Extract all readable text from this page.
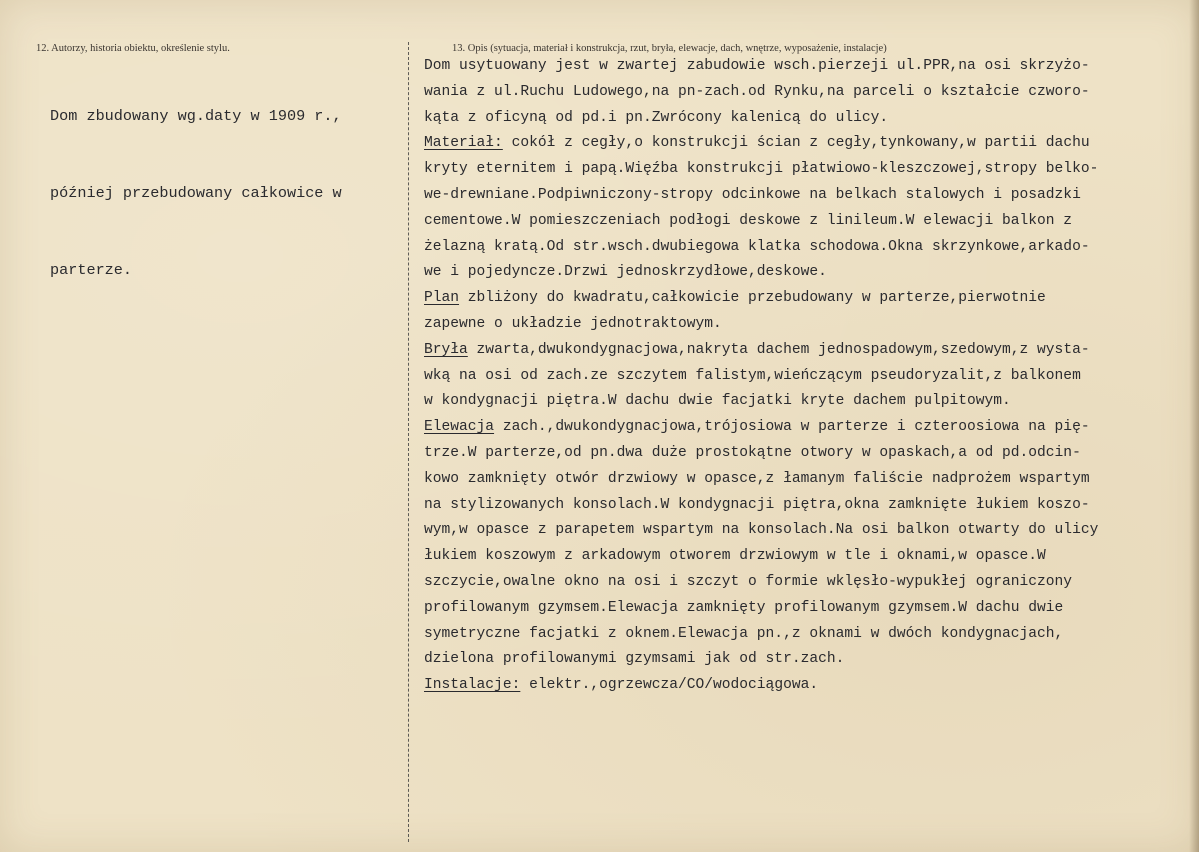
12. Autorzy, historia obiektu, określenie stylu.	13. Opis (sytuacja, materiał i konstrukcja, rzut, bryła, elewacje, dach, wnętrze, wyposażenie, instalacje)

Dom zbudowany wg.daty w 1909 r.,

później przebudowany całkowice w

parterze.

Dom usytuowany jest w zwartej zabudowie wsch.pierzeji ul.PPR,na osi skrzyżo-
wania z ul.Ruchu Ludowego,na pn-zach.od Rynku,na parceli o kształcie czworo-
kąta z oficyną od pd.i pn.Zwrócony kalenicą do ulicy.
Materiał: cokół z cegły,o konstrukcji ścian z cegły,tynkowany,w partii dachu
kryty eternitem i papą.Więźba konstrukcji płatwiowo-kleszczowej,stropy belko-
we-drewniane.Podpiwniczony-stropy odcinkowe na belkach stalowych i posadzki
cementowe.W pomieszczeniach podłogi deskowe z linileum.W elewacji balkon z
żelazną kratą.Od str.wsch.dwubiegowa klatka schodowa.Okna skrzynkowe,arkado-
we i pojedyncze.Drzwi jednoskrzydłowe,deskowe.
Plan zbliżony do kwadratu,całkowicie przebudowany w parterze,pierwotnie
zapewne o układzie jednotraktowym.
Bryła zwarta,dwukondygnacjowa,nakryta dachem jednospadowym,szedowym,z wysta-
wką na osi od zach.ze szczytem falistym,wieńczącym pseudoryzalit,z balkonem
w kondygnacji piętra.W dachu dwie facjatki kryte dachem pulpitowym.
Elewacja zach.,dwukondygnacjowa,trójosiowa w parterze i czteroosiowa na pię-
trze.W parterze,od pn.dwa duże prostokątne otwory w opaskach,a od pd.odcin-
kowo zamknięty otwór drzwiowy w opasce,z łamanym faliście nadprożem wspartym
na stylizowanych konsolach.W kondygnacji piętra,okna zamknięte łukiem koszo-
wym,w opasce z parapetem wspartym na konsolach.Na osi balkon otwarty do ulicy
łukiem koszowym z arkadowym otworem drzwiowym w tle i oknami,w opasce.W
szczycie,owalne okno na osi i szczyt o formie wklęsło-wypukłej ograniczony
profilowanym gzymsem.Elewacja zamknięty profilowanym gzymsem.W dachu dwie
symetryczne facjatki z oknem.Elewacja pn.,z oknami w dwóch kondygnacjach,
dzielona profilowanymi gzymsami jak od str.zach.
Instalacje: elektr.,ogrzewcza/CO/wodociągowa.
